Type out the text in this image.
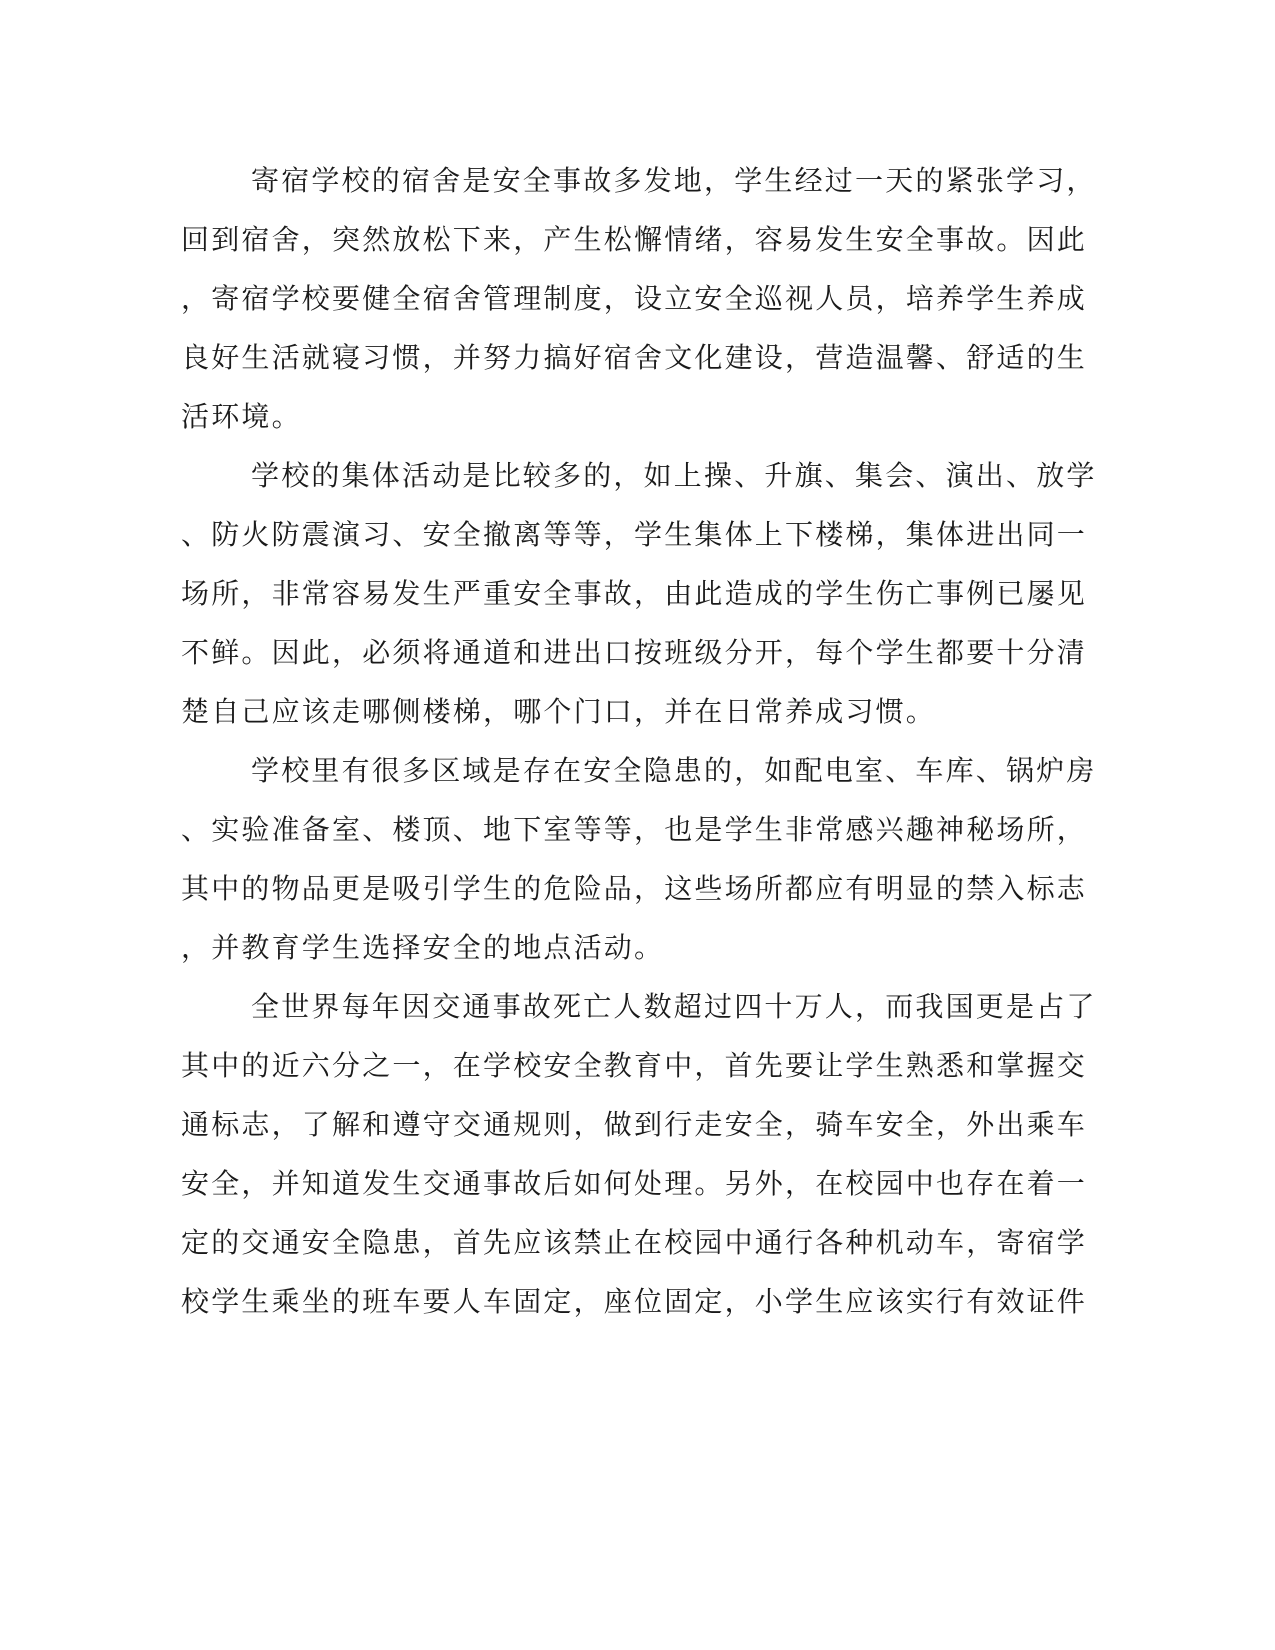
寄宿学校的宿舍是安全事故多发地，学生经过一天的紧张学习，
回到宿舍，突然放松下来，产生松懈情绪，容易发生安全事故。因此
，寄宿学校要健全宿舍管理制度，设立安全巡视人员，培养学生养成
良好生活就寝习惯，并努力搞好宿舍文化建设，营造温馨、舒适的生
活环境。
学校的集体活动是比较多的，如上操、升旗、集会、演出、放学
、防火防震演习、安全撤离等等，学生集体上下楼梯，集体进出同一
场所，非常容易发生严重安全事故，由此造成的学生伤亡事例已屡见
不鲜。因此，必须将通道和进出口按班级分开，每个学生都要十分清
楚自己应该走哪侧楼梯，哪个门口，并在日常养成习惯。
学校里有很多区域是存在安全隐患的，如配电室、车库、锅炉房
、实验准备室、楼顶、地下室等等，也是学生非常感兴趣神秘场所，
其中的物品更是吸引学生的危险品，这些场所都应有明显的禁入标志
，并教育学生选择安全的地点活动。
全世界每年因交通事故死亡人数超过四十万人，而我国更是占了
其中的近六分之一，在学校安全教育中，首先要让学生熟悉和掌握交
通标志，了解和遵守交通规则，做到行走安全，骑车安全，外出乘车
安全，并知道发生交通事故后如何处理。另外，在校园中也存在着一
定的交通安全隐患，首先应该禁止在校园中通行各种机动车，寄宿学
校学生乘坐的班车要人车固定，座位固定，小学生应该实行有效证件
